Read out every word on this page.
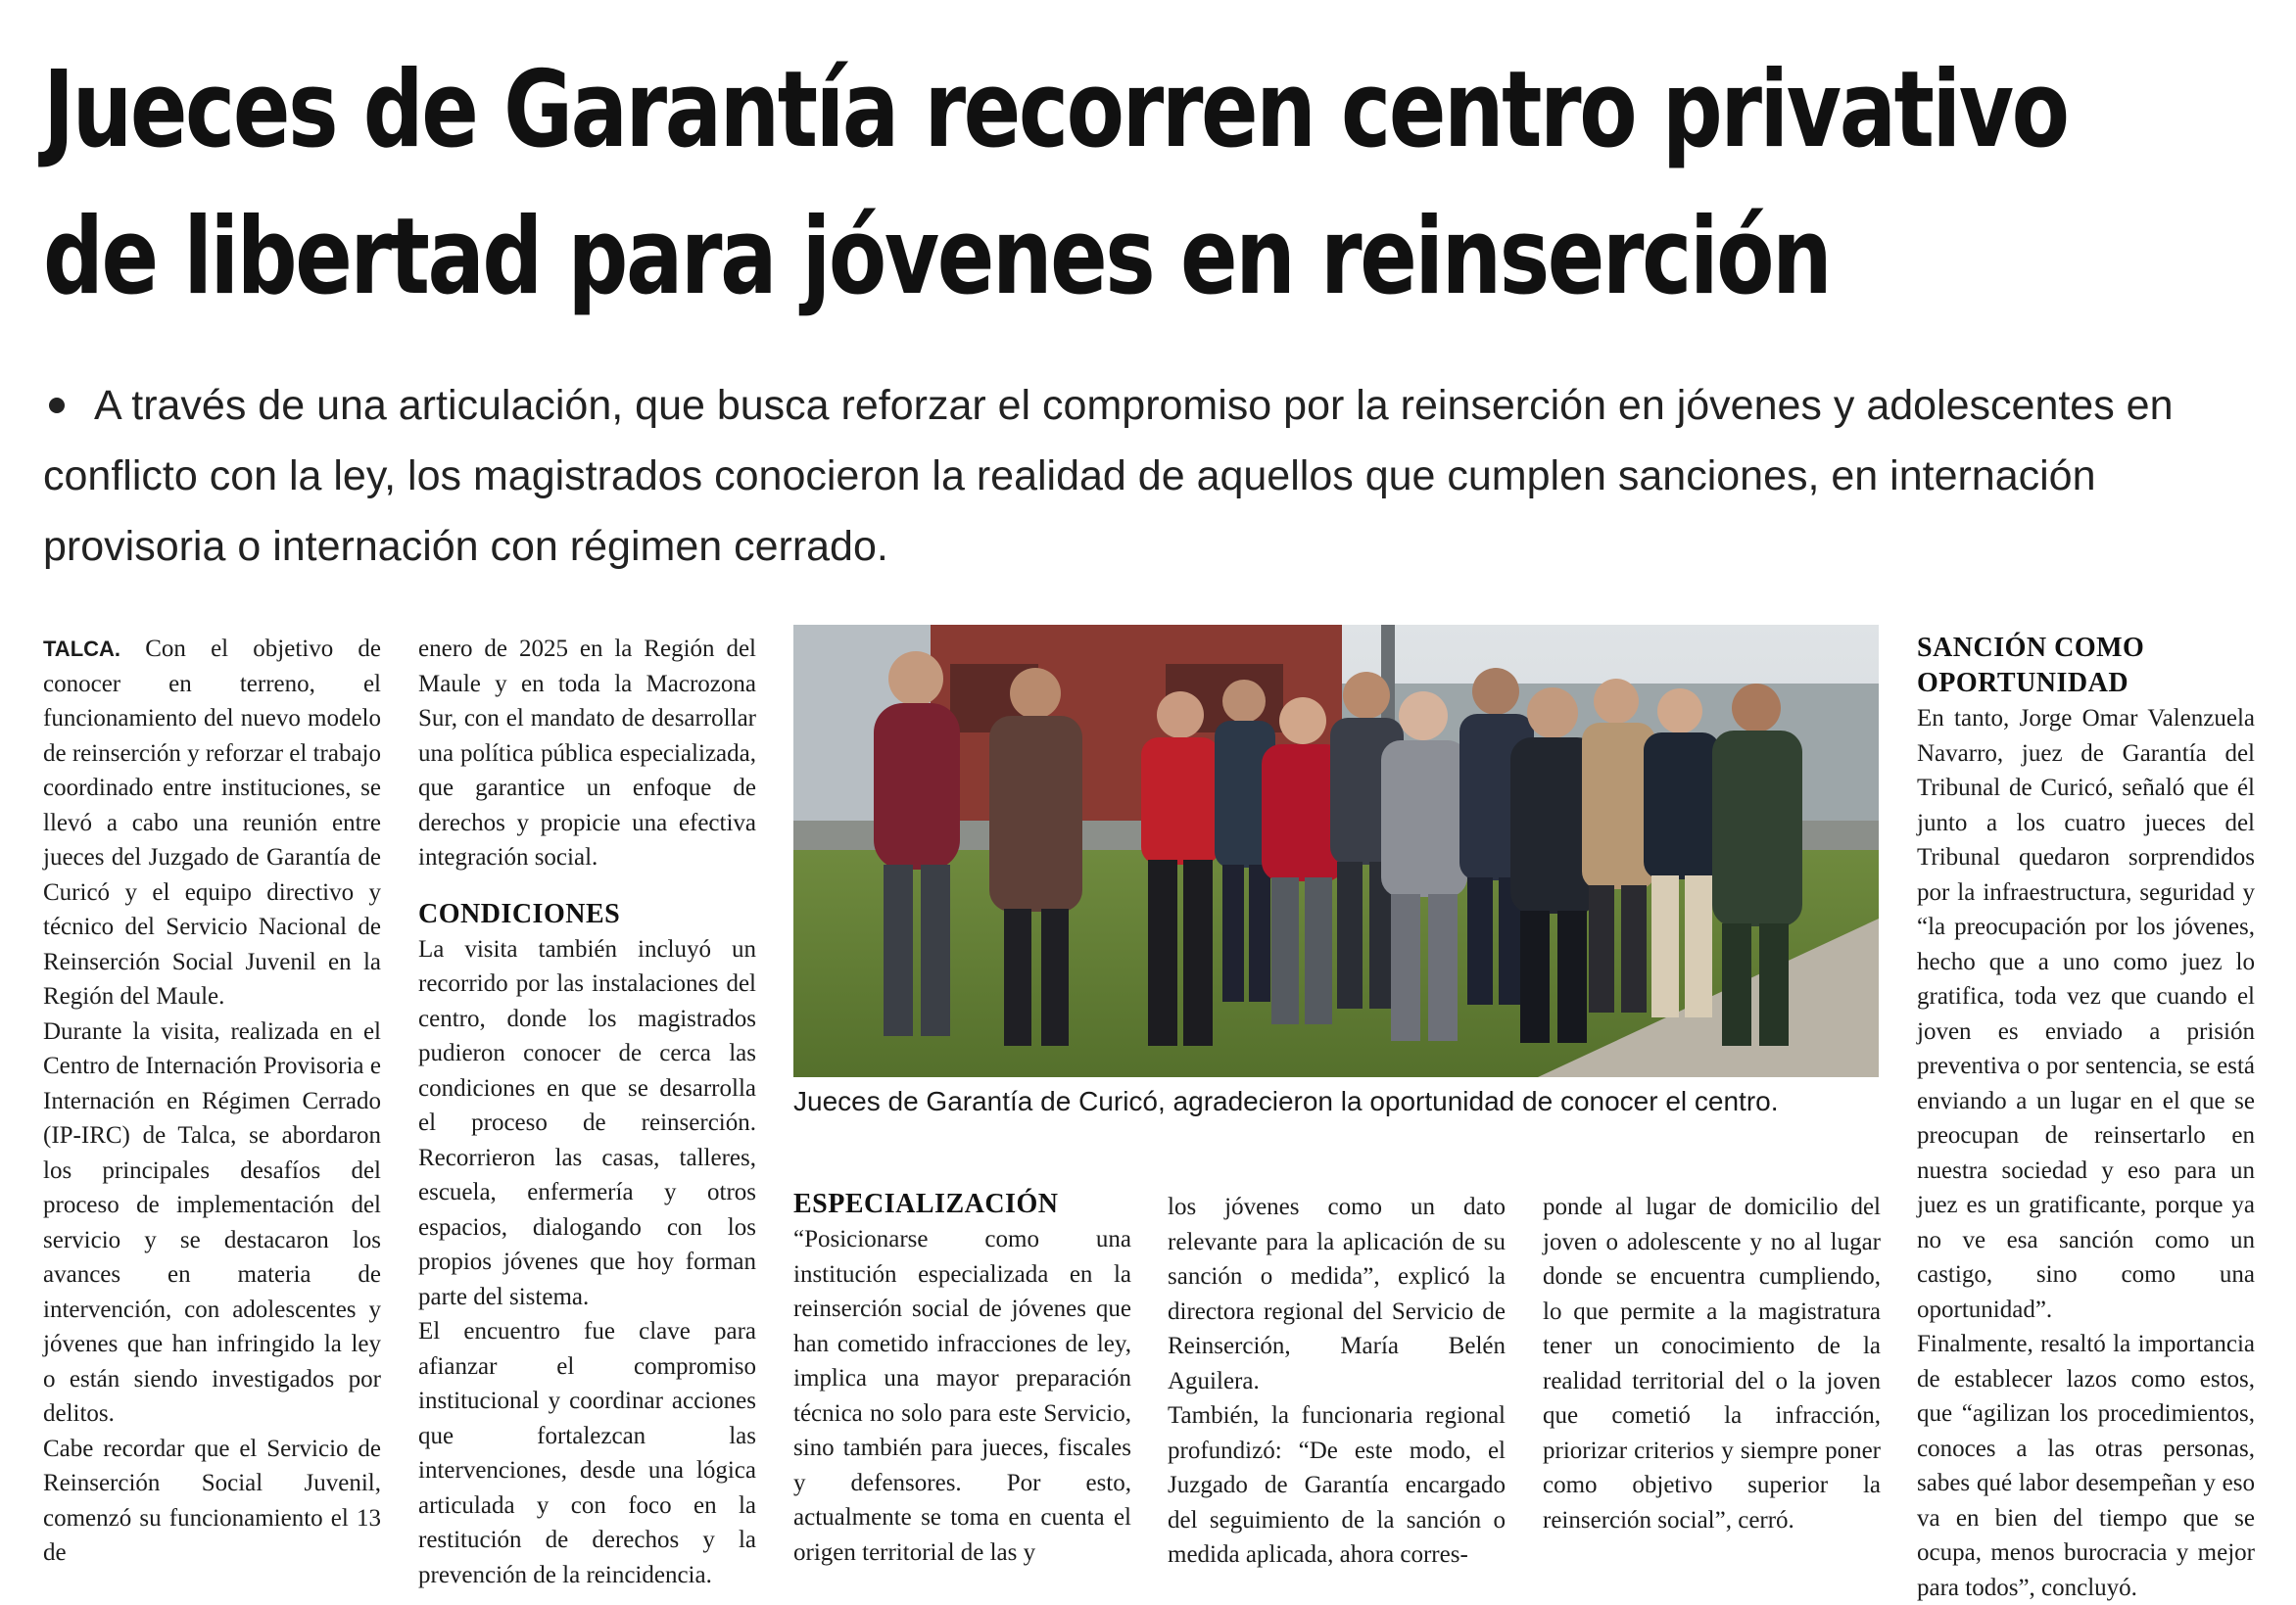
Jueces de Garantía recorren centro privativo
de libertad para jóvenes en reinserción

A través de una articulación, que busca reforzar el compromiso por la reinserción en jóvenes y adolescentes en conflicto con la ley, los magistrados conocieron la realidad de aquellos que cumplen sanciones, en internación provisoria o internación con régimen cerrado.

TALCA. Con el objetivo de conocer en terreno, el funcionamiento del nuevo modelo de reinserción y reforzar el trabajo coordinado entre instituciones, se llevó a cabo una reunión entre jueces del Juzgado de Garantía de Curicó y el equipo directivo y técnico del Servicio Nacional de Reinserción Social Juvenil en la Región del Maule.

Durante la visita, realizada en el Centro de Internación Provisoria e Internación en Régimen Cerrado (IP-IRC) de Talca, se abordaron los principales desafíos del proceso de implementación del servicio y se destacaron los avances en materia de intervención, con adolescentes y jóvenes que han infringido la ley o están siendo investigados por delitos.

Cabe recordar que el Servicio de Reinserción Social Juvenil, comenzó su funcionamiento el 13 de

enero de 2025 en la Región del Maule y en toda la Macrozona Sur, con el mandato de desarrollar una política pública especializada, que garantice un enfoque de derechos y propicie una efectiva integración social.

CONDICIONES

La visita también incluyó un recorrido por las instalaciones del centro, donde los magistrados pudieron conocer de cerca las condiciones en que se desarrolla el proceso de reinserción. Recorrieron las casas, talleres, escuela, enfermería y otros espacios, dialogando con los propios jóvenes que hoy forman parte del sistema.

El encuentro fue clave para afianzar el compromiso institucional y coordinar acciones que fortalezcan las intervenciones, desde una lógica articulada y con foco en la restitución de derechos y la prevención de la reincidencia.

Jueces de Garantía de Curicó, agradecieron la oportunidad de conocer el centro.
ESPECIALIZACIÓN

“Posicionarse como una institución especializada en la reinserción social de jóvenes que han cometido infracciones de ley, implica una mayor preparación técnica no solo para este Servicio, sino también para jueces, fiscales y defensores. Por esto, actualmente se toma en cuenta el origen territorial de las y

los jóvenes como un dato relevante para la aplicación de su sanción o medida”, explicó la directora regional del Servicio de Reinserción, María Belén Aguilera.

También, la funcionaria regional profundizó: “De este modo, el Juzgado de Garantía encargado del seguimiento de la sanción o medida aplicada, ahora corres-

ponde al lugar de domicilio del joven o adolescente y no al lugar donde se encuentra cumpliendo, lo que permite a la magistratura tener un conocimiento de la realidad territorial del o la joven que cometió la infracción, priorizar criterios y siempre poner como objetivo superior la reinserción social”, cerró.

SANCIÓN COMO OPORTUNIDAD

En tanto, Jorge Omar Valenzuela Navarro, juez de Garantía del Tribunal de Curicó, señaló que él junto a los cuatro jueces del Tribunal quedaron sorprendidos por la infraestructura, seguridad y “la preocupación por los jóvenes, hecho que a uno como juez lo gratifica, toda vez que cuando el joven es enviado a prisión preventiva o por sentencia, se está enviando a un lugar en el que se preocupan de reinsertarlo en nuestra sociedad y eso para un juez es un gratificante, porque ya no ve esa sanción como un castigo, sino como una oportunidad”.

Finalmente, resaltó la importancia de establecer lazos como estos, que “agilizan los procedimientos, conoces a las otras personas, sabes qué labor desempeñan y eso va en bien del tiempo que se ocupa, menos burocracia y mejor para todos”, concluyó.
